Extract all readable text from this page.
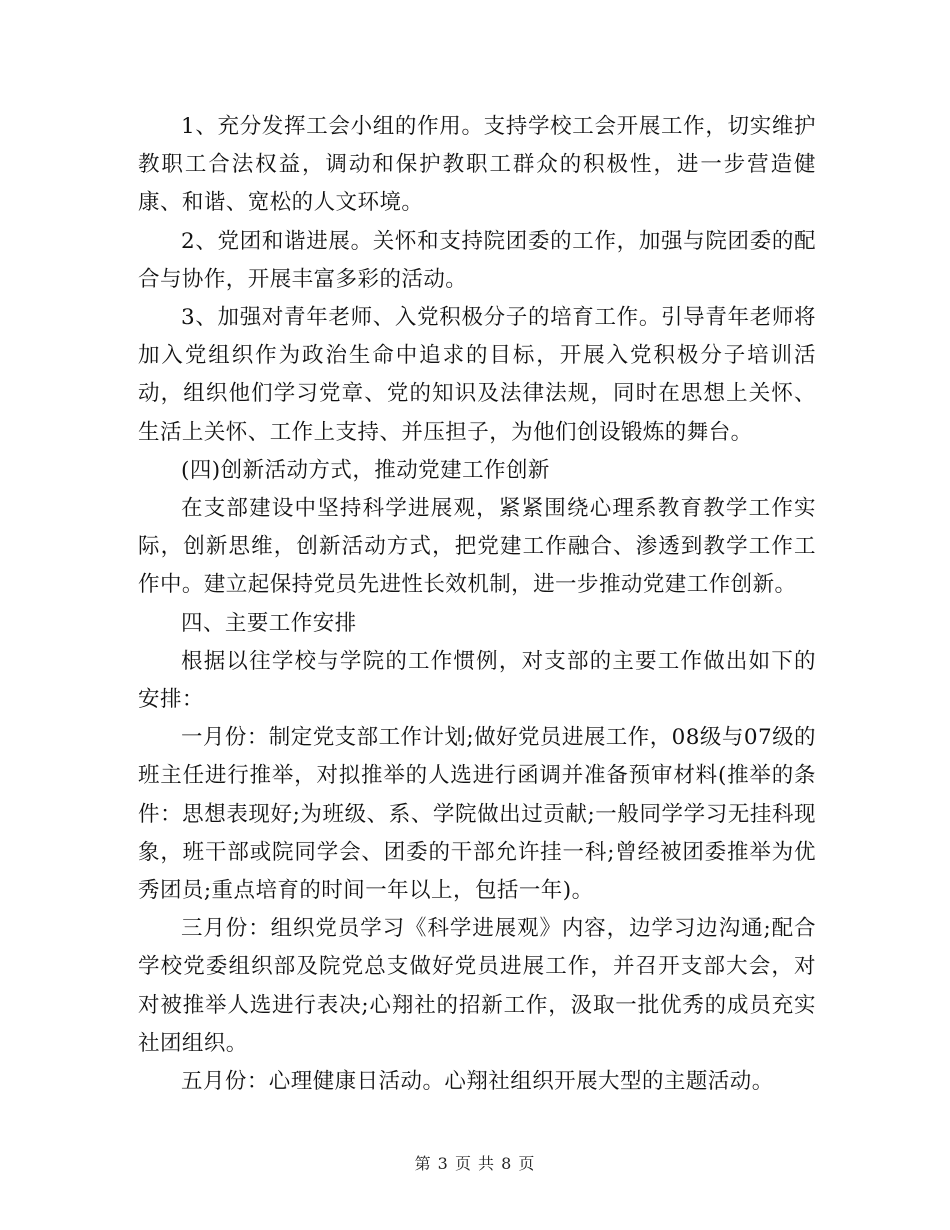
1、充分发挥工会小组的作用。支持学校工会开展工作，切实维护教职工合法权益，调动和保护教职工群众的积极性，进一步营造健康、和谐、宽松的人文环境。

2、党团和谐进展。关怀和支持院团委的工作，加强与院团委的配合与协作，开展丰富多彩的活动。

3、加强对青年老师、入党积极分子的培育工作。引导青年老师将加入党组织作为政治生命中追求的目标，开展入党积极分子培训活动，组织他们学习党章、党的知识及法律法规，同时在思想上关怀、生活上关怀、工作上支持、并压担子，为他们创设锻炼的舞台。

(四)创新活动方式，推动党建工作创新

在支部建设中坚持科学进展观，紧紧围绕心理系教育教学工作实际，创新思维，创新活动方式，把党建工作融合、渗透到教学工作工作中。建立起保持党员先进性长效机制，进一步推动党建工作创新。

四、主要工作安排

根据以往学校与学院的工作惯例，对支部的主要工作做出如下的安排：

一月份：制定党支部工作计划;做好党员进展工作，08级与07级的班主任进行推举，对拟推举的人选进行函调并准备预审材料(推举的条件：思想表现好;为班级、系、学院做出过贡献;一般同学学习无挂科现象，班干部或院同学会、团委的干部允许挂一科;曾经被团委推举为优秀团员;重点培育的时间一年以上，包括一年)。

三月份：组织党员学习《科学进展观》内容，边学习边沟通;配合学校党委组织部及院党总支做好党员进展工作，并召开支部大会，对对被推举人选进行表决;心翔社的招新工作，汲取一批优秀的成员充实社团组织。

五月份：心理健康日活动。心翔社组织开展大型的主题活动。

第 3 页 共 8 页
